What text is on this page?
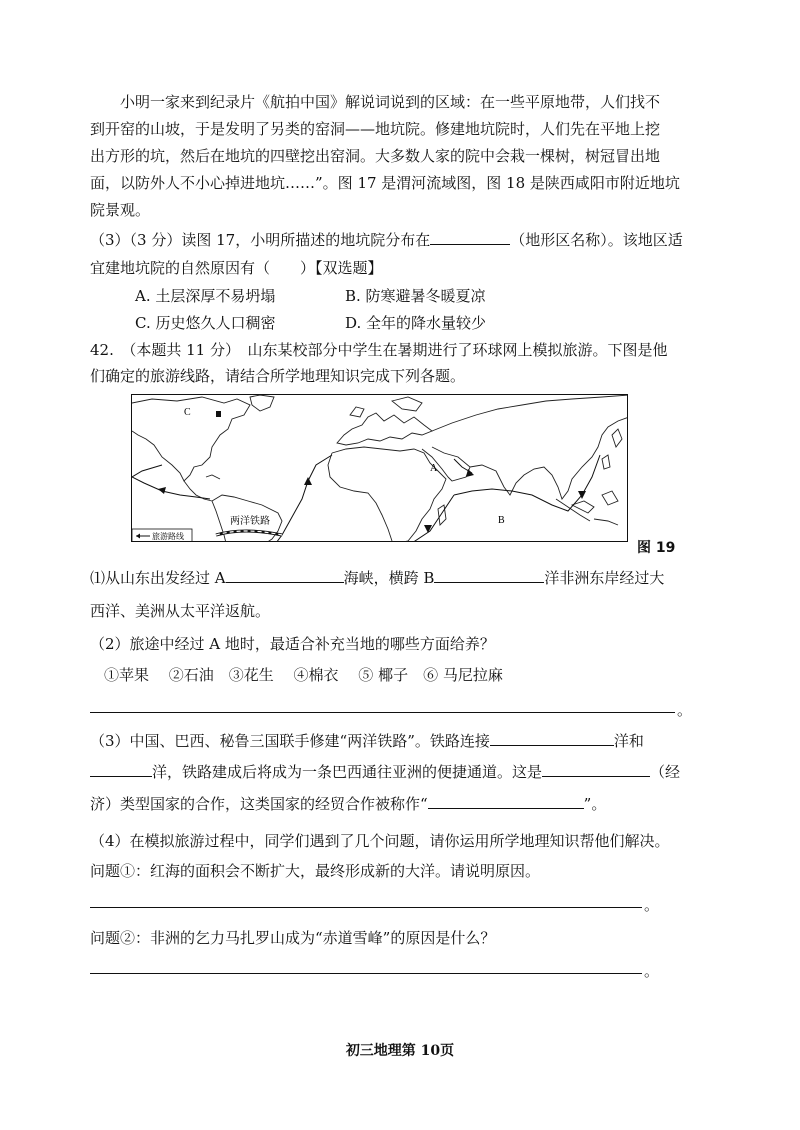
小明一家来到纪录片《航拍中国》解说词说到的区域：在一些平原地带，人们找不
到开窑的山坡，于是发明了另类的窑洞——地坑院。修建地坑院时，人们先在平地上挖
出方形的坑，然后在地坑的四壁挖出窑洞。大多数人家的院中会栽一棵树，树冠冒出地
面，以防外人不小心掉进地坑……”。图 17 是渭河流域图，图 18 是陕西咸阳市附近地坑
院景观。
（3）（3 分）读图 17，小明所描述的地坑院分布在	（地形区名称）。该地区适
宜建地坑院的自然原因有（　　）【双选题】
A. 土层深厚不易坍塌	B. 防寒避暑冬暖夏凉
C. 历史悠久人口稠密	D. 全年的降水量较少
42.　（本题共 11 分）　山东某校部分中学生在暑期进行了环球网上模拟旅游。下图是他
们确定的旅游线路，请结合所学地理知识完成下列各题。
C
A
B
两洋铁路
旅游路线
图 19
⑴从山东出发经过 A	海峡，横跨 B	洋非洲东岸经过大
西洋、美洲从太平洋返航。
（2）旅途中经过 A 地时，最适合补充当地的哪些方面给养？
①苹果　 ②石油　③花生　 ④棉衣　 ⑤ 椰子　⑥ 马尼拉麻
。
（3）中国、巴西、秘鲁三国联手修建“两洋铁路”。铁路连接	洋和
洋，铁路建成后将成为一条巴西通往亚洲的便捷通道。这是	（经
济）类型国家的合作，这类国家的经贸合作被称作“	”。
（4）在模拟旅游过程中，同学们遇到了几个问题，请你运用所学地理知识帮他们解决。
问题①：红海的面积会不断扩大，最终形成新的大洋。请说明原因。
。
问题②：非洲的乞力马扎罗山成为“赤道雪峰”的原因是什么？
。
初三地理第 10页
